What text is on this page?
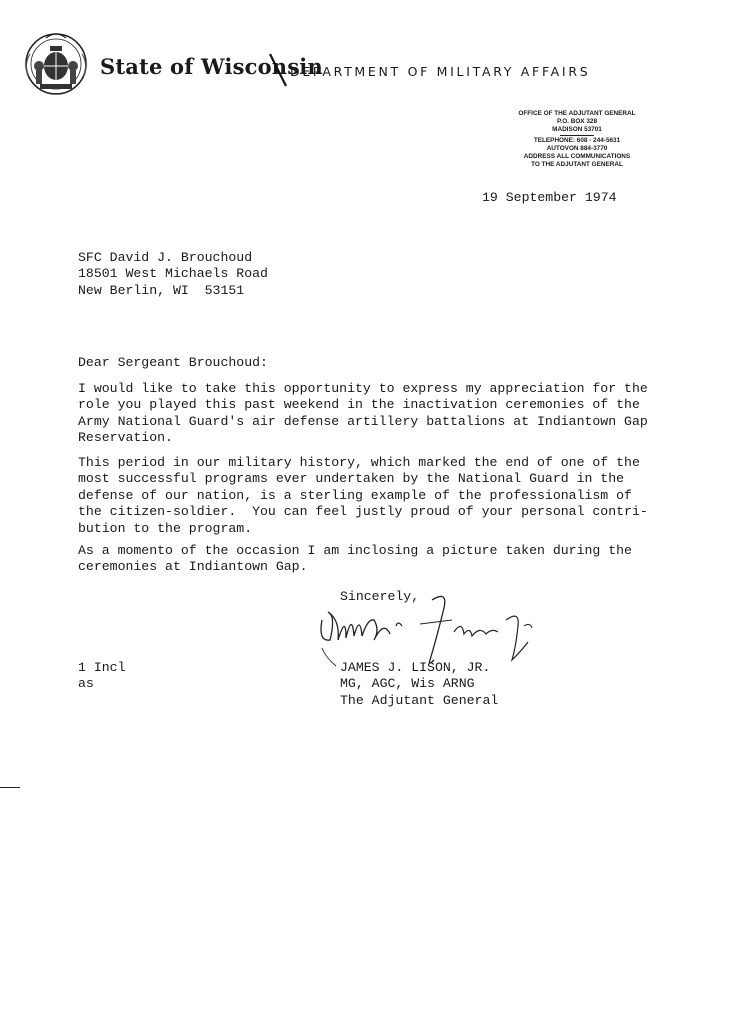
State of Wisconsin
DEPARTMENT OF MILITARY AFFAIRS
OFFICE OF THE ADJUTANT GENERAL
P.O. BOX 328
MADISON 53701
TELEPHONE: 608 - 244-5631
AUTOVON 884-3770
ADDRESS ALL COMMUNICATIONS
TO THE ADJUTANT GENERAL
19 September 1974
SFC David J. Brouchoud
18501 West Michaels Road
New Berlin, WI  53151
Dear Sergeant Brouchoud:
I would like to take this opportunity to express my appreciation for the
role you played this past weekend in the inactivation ceremonies of the
Army National Guard's air defense artillery battalions at Indiantown Gap
Reservation.
This period in our military history, which marked the end of one of the
most successful programs ever undertaken by the National Guard in the
defense of our nation, is a sterling example of the professionalism of
the citizen-soldier.  You can feel justly proud of your personal contri-
bution to the program.
As a momento of the occasion I am inclosing a picture taken during the
ceremonies at Indiantown Gap.
Sincerely,
JAMES J. LISON, JR.
MG, AGC, Wis ARNG
The Adjutant General
1 Incl
as
